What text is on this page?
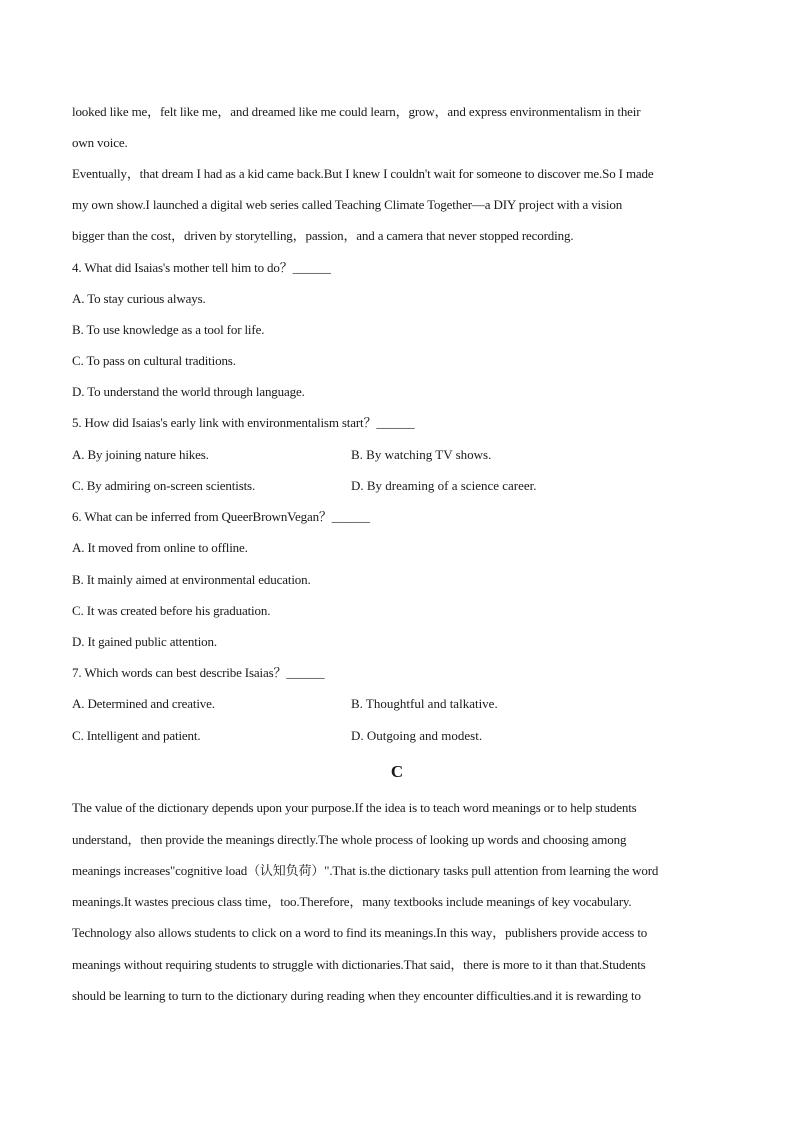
looked like me，felt like me，and dreamed like me could learn，grow，and express environmentalism in their
own voice.
Eventually，that dream I had as a kid came back.But I knew I couldn't wait for someone to discover me.So I made
my own show.I launched a digital web series called Teaching Climate Together—a DIY project with a vision
bigger than the cost，driven by storytelling，passion，and a camera that never stopped recording.
4. What did Isaias's mother tell him to do？______
A. To stay curious always.
B. To use knowledge as a tool for life.
C. To pass on cultural traditions.
D. To understand the world through language.
5. How did Isaias's early link with environmentalism start？______
A. By joining nature hikes.	B. By watching TV shows.
C. By admiring on-screen scientists.	D. By dreaming of a science career.
6. What can be inferred from QueerBrownVegan？______
A. It moved from online to offline.
B. It mainly aimed at environmental education.
C. It was created before his graduation.
D. It gained public attention.
7. Which words can best describe Isaias？______
A. Determined and creative.	B. Thoughtful and talkative.
C. Intelligent and patient.	D. Outgoing and modest.
C
The value of the dictionary depends upon your purpose.If the idea is to teach word meanings or to help students
understand，then provide the meanings directly.The whole process of looking up words and choosing among
meanings increases"cognitive load（认知负荷）".That is.the dictionary tasks pull attention from learning the word
meanings.It wastes precious class time，too.Therefore，many textbooks include meanings of key vocabulary.
Technology also allows students to click on a word to find its meanings.In this way，publishers provide access to
meanings without requiring students to struggle with dictionaries.That said，there is more to it than that.Students
should be learning to turn to the dictionary during reading when they encounter difficulties.and it is rewarding to
